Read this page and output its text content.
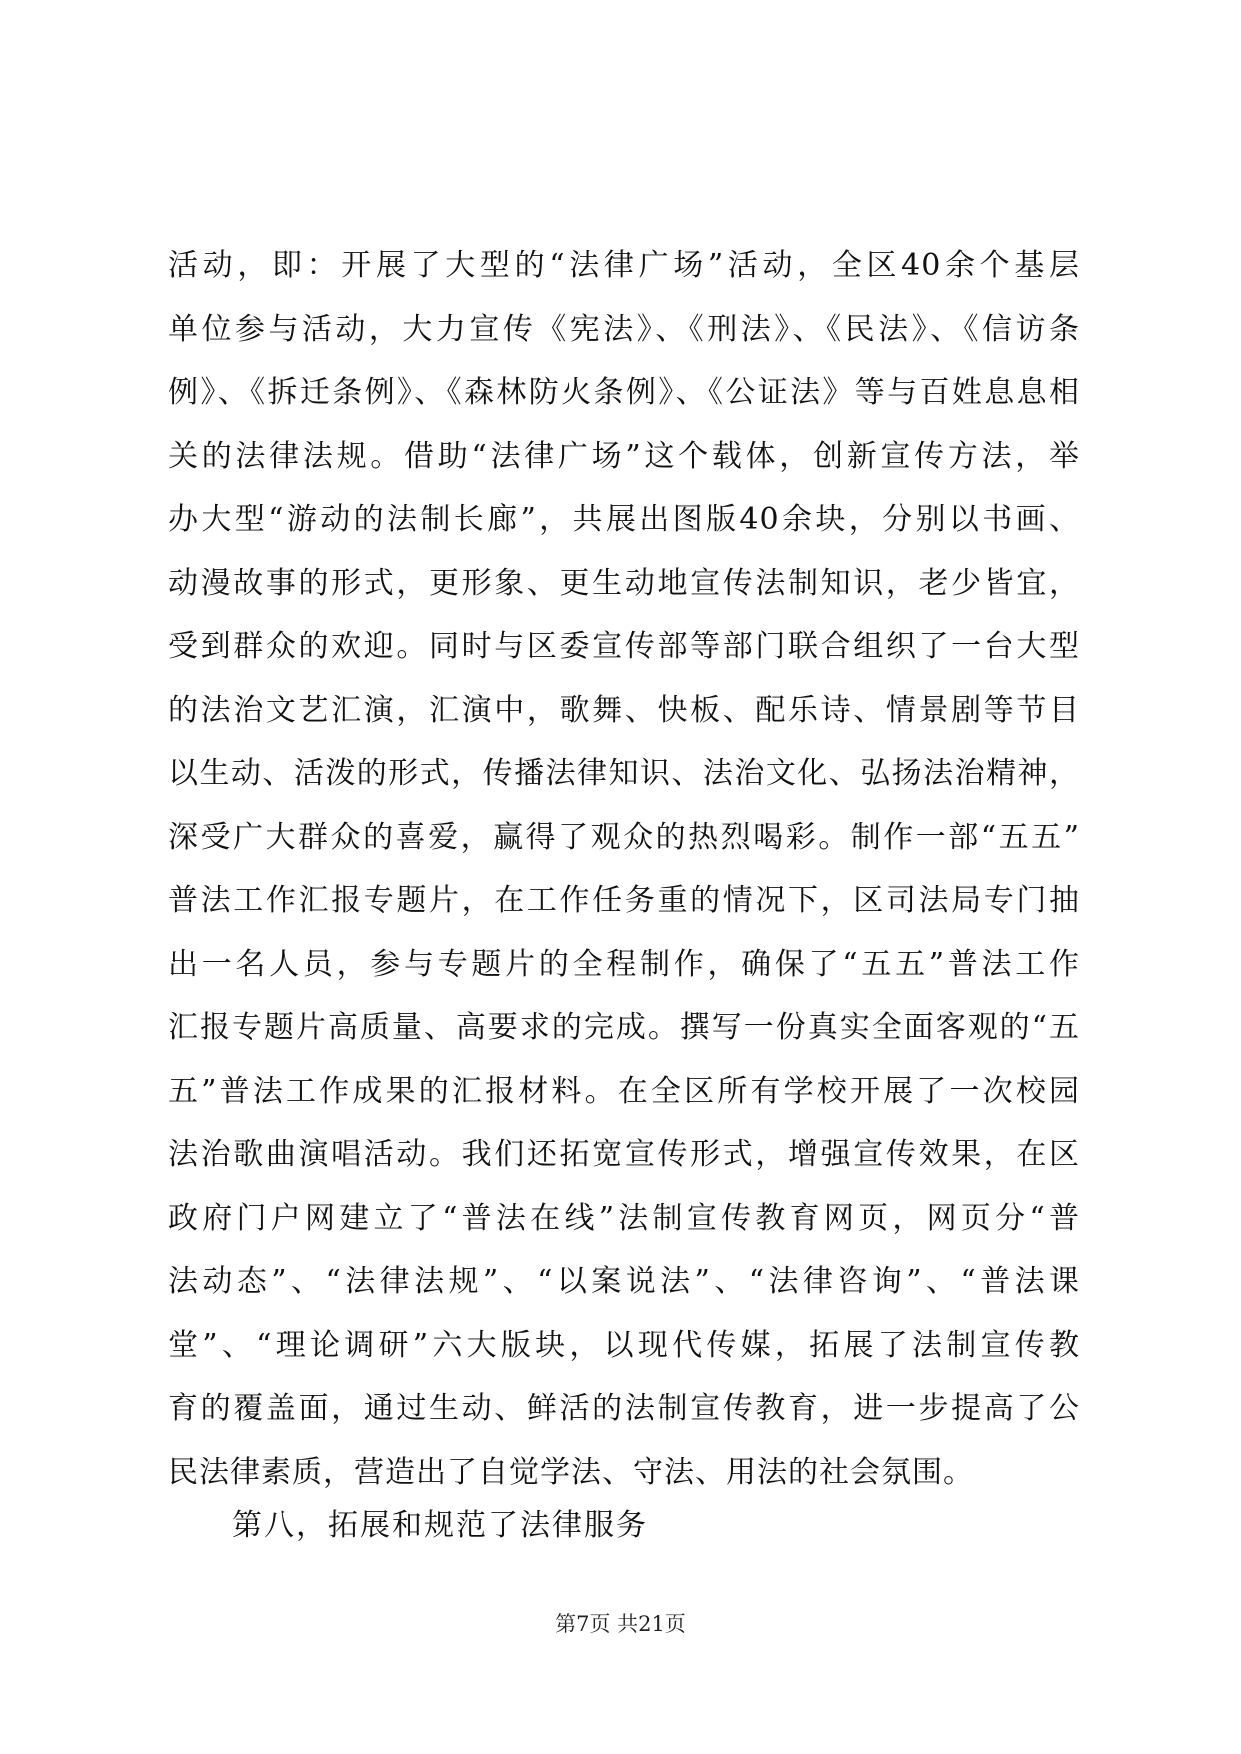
活动，即：开展了大型的“法律广场”活动，全区40余个基层
单位参与活动，大力宣传《宪法》、《刑法》、《民法》、《信访条
例》、《拆迁条例》、《森林防火条例》、《公证法》等与百姓息息相
关的法律法规。借助“法律广场”这个载体，创新宣传方法，举
办大型“游动的法制长廊”，共展出图版40余块，分别以书画、
动漫故事的形式，更形象、更生动地宣传法制知识，老少皆宜，
受到群众的欢迎。同时与区委宣传部等部门联合组织了一台大型
的法治文艺汇演，汇演中，歌舞、快板、配乐诗、情景剧等节目
以生动、活泼的形式，传播法律知识、法治文化、弘扬法治精神，
深受广大群众的喜爱，赢得了观众的热烈喝彩。制作一部“五五”
普法工作汇报专题片，在工作任务重的情况下，区司法局专门抽
出一名人员，参与专题片的全程制作，确保了“五五”普法工作
汇报专题片高质量、高要求的完成。撰写一份真实全面客观的“五
五”普法工作成果的汇报材料。在全区所有学校开展了一次校园
法治歌曲演唱活动。我们还拓宽宣传形式，增强宣传效果，在区
政府门户网建立了“普法在线”法制宣传教育网页，网页分“普
法动态”、“法律法规”、“以案说法”、“法律咨询”、“普法课
堂”、“理论调研”六大版块，以现代传媒，拓展了法制宣传教
育的覆盖面，通过生动、鲜活的法制宣传教育，进一步提高了公
民法律素质，营造出了自觉学法、守法、用法的社会氛围。
第八，拓展和规范了法律服务
第7页 共21页
